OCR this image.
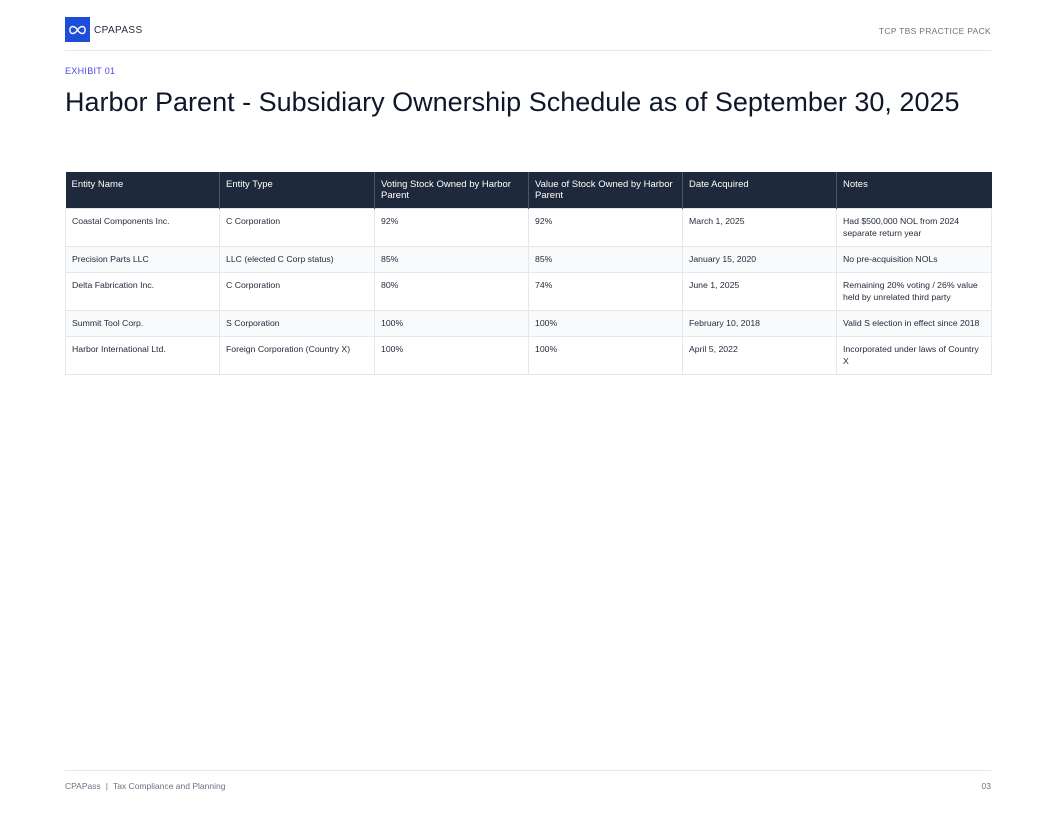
CPAPASS	TCP TBS PRACTICE PACK
EXHIBIT 01
Harbor Parent - Subsidiary Ownership Schedule as of September 30, 2025
Entity Name	Entity Type	Voting Stock Owned by Harbor Parent	Value of Stock Owned by Harbor Parent	Date Acquired	Notes
Coastal Components Inc.	C Corporation	92%	92%	March 1, 2025	Had $500,000 NOL from 2024 separate return year
Precision Parts LLC	LLC (elected C Corp status)	85%	85%	January 15, 2020	No pre-acquisition NOLs
Delta Fabrication Inc.	C Corporation	80%	74%	June 1, 2025	Remaining 20% voting / 26% value held by unrelated third party
Summit Tool Corp.	S Corporation	100%	100%	February 10, 2018	Valid S election in effect since 2018
Harbor International Ltd.	Foreign Corporation (Country X)	100%	100%	April 5, 2022	Incorporated under laws of Country X
CPAPass | Tax Compliance and Planning	03
